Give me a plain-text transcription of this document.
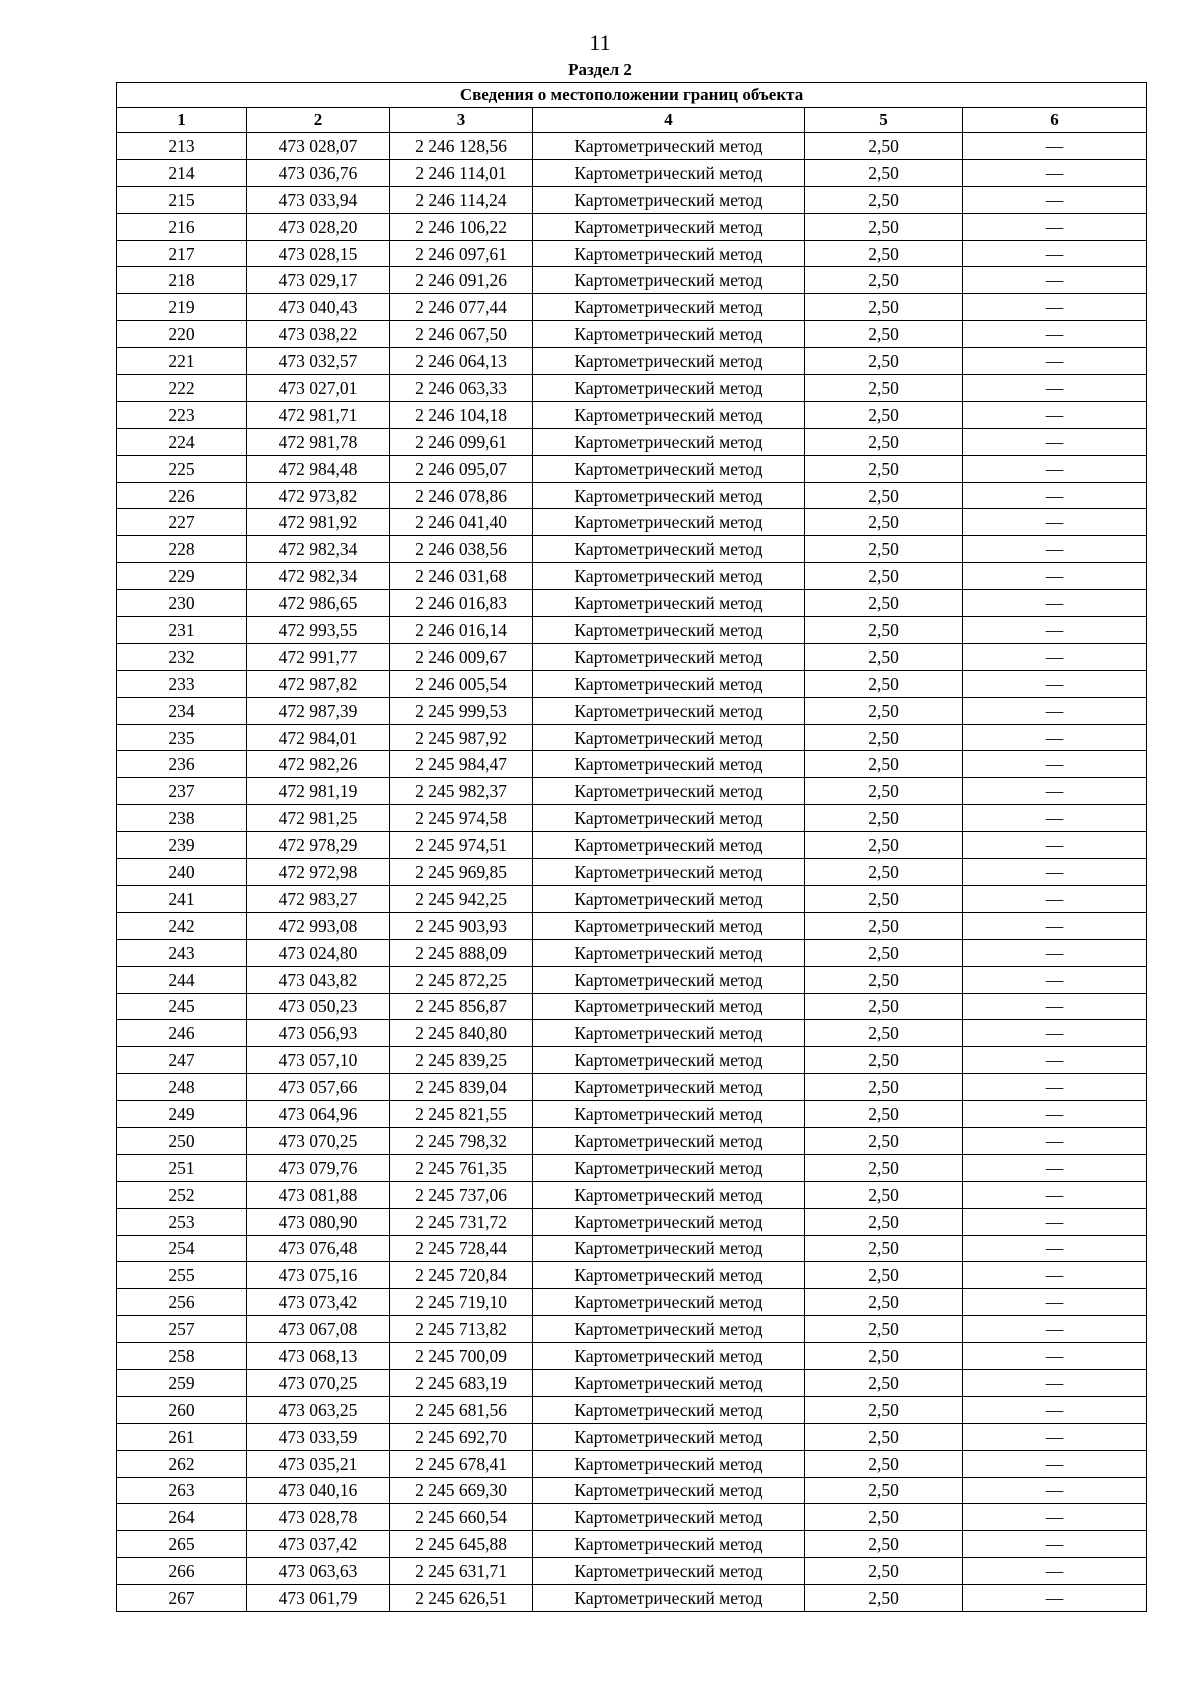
11
Раздел 2
Сведения о местоположении границ объекта					
1	2	3	4	5	6
213	473 028,07	2 246 128,56	Картометрический метод	2,50	—
214	473 036,76	2 246 114,01	Картометрический метод	2,50	—
215	473 033,94	2 246 114,24	Картометрический метод	2,50	—
216	473 028,20	2 246 106,22	Картометрический метод	2,50	—
217	473 028,15	2 246 097,61	Картометрический метод	2,50	—
218	473 029,17	2 246 091,26	Картометрический метод	2,50	—
219	473 040,43	2 246 077,44	Картометрический метод	2,50	—
220	473 038,22	2 246 067,50	Картометрический метод	2,50	—
221	473 032,57	2 246 064,13	Картометрический метод	2,50	—
222	473 027,01	2 246 063,33	Картометрический метод	2,50	—
223	472 981,71	2 246 104,18	Картометрический метод	2,50	—
224	472 981,78	2 246 099,61	Картометрический метод	2,50	—
225	472 984,48	2 246 095,07	Картометрический метод	2,50	—
226	472 973,82	2 246 078,86	Картометрический метод	2,50	—
227	472 981,92	2 246 041,40	Картометрический метод	2,50	—
228	472 982,34	2 246 038,56	Картометрический метод	2,50	—
229	472 982,34	2 246 031,68	Картометрический метод	2,50	—
230	472 986,65	2 246 016,83	Картометрический метод	2,50	—
231	472 993,55	2 246 016,14	Картометрический метод	2,50	—
232	472 991,77	2 246 009,67	Картометрический метод	2,50	—
233	472 987,82	2 246 005,54	Картометрический метод	2,50	—
234	472 987,39	2 245 999,53	Картометрический метод	2,50	—
235	472 984,01	2 245 987,92	Картометрический метод	2,50	—
236	472 982,26	2 245 984,47	Картометрический метод	2,50	—
237	472 981,19	2 245 982,37	Картометрический метод	2,50	—
238	472 981,25	2 245 974,58	Картометрический метод	2,50	—
239	472 978,29	2 245 974,51	Картометрический метод	2,50	—
240	472 972,98	2 245 969,85	Картометрический метод	2,50	—
241	472 983,27	2 245 942,25	Картометрический метод	2,50	—
242	472 993,08	2 245 903,93	Картометрический метод	2,50	—
243	473 024,80	2 245 888,09	Картометрический метод	2,50	—
244	473 043,82	2 245 872,25	Картометрический метод	2,50	—
245	473 050,23	2 245 856,87	Картометрический метод	2,50	—
246	473 056,93	2 245 840,80	Картометрический метод	2,50	—
247	473 057,10	2 245 839,25	Картометрический метод	2,50	—
248	473 057,66	2 245 839,04	Картометрический метод	2,50	—
249	473 064,96	2 245 821,55	Картометрический метод	2,50	—
250	473 070,25	2 245 798,32	Картометрический метод	2,50	—
251	473 079,76	2 245 761,35	Картометрический метод	2,50	—
252	473 081,88	2 245 737,06	Картометрический метод	2,50	—
253	473 080,90	2 245 731,72	Картометрический метод	2,50	—
254	473 076,48	2 245 728,44	Картометрический метод	2,50	—
255	473 075,16	2 245 720,84	Картометрический метод	2,50	—
256	473 073,42	2 245 719,10	Картометрический метод	2,50	—
257	473 067,08	2 245 713,82	Картометрический метод	2,50	—
258	473 068,13	2 245 700,09	Картометрический метод	2,50	—
259	473 070,25	2 245 683,19	Картометрический метод	2,50	—
260	473 063,25	2 245 681,56	Картометрический метод	2,50	—
261	473 033,59	2 245 692,70	Картометрический метод	2,50	—
262	473 035,21	2 245 678,41	Картометрический метод	2,50	—
263	473 040,16	2 245 669,30	Картометрический метод	2,50	—
264	473 028,78	2 245 660,54	Картометрический метод	2,50	—
265	473 037,42	2 245 645,88	Картометрический метод	2,50	—
266	473 063,63	2 245 631,71	Картометрический метод	2,50	—
267	473 061,79	2 245 626,51	Картометрический метод	2,50	—
